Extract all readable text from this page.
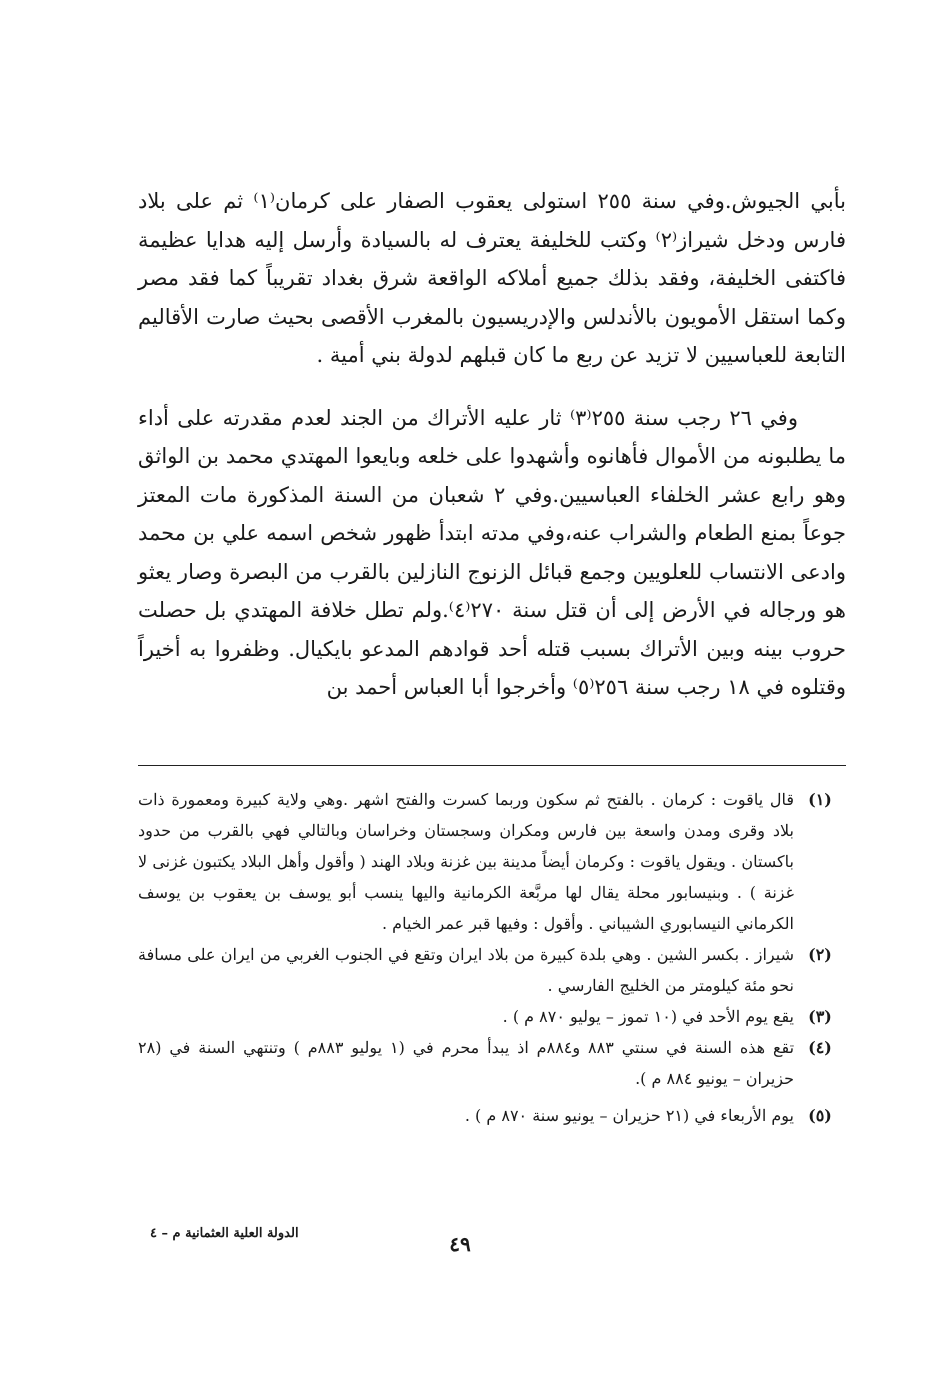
بأبي الجيوش.وفي سنة ٢٥٥ استولى يعقوب الصفار على كرمان⁽١⁾ ثم على بلاد فارس ودخل شيراز⁽٢⁾ وكتب للخليفة يعترف له بالسيادة وأرسل إليه هدايا عظيمة فاكتفى الخليفة، وفقد بذلك جميع أملاكه الواقعة شرق بغداد تقريباً كما فقد مصر وكما استقل الأمويون بالأندلس والإدريسيون بالمغرب الأقصى بحيث صارت الأقاليم التابعة للعباسيين لا تزيد عن ربع ما كان قبلهم لدولة بني أمية .

وفي ٢٦ رجب سنة ٢٥٥⁽٣⁾ ثار عليه الأتراك من الجند لعدم مقدرته على أداء ما يطلبونه من الأموال فأهانوه وأشهدوا على خلعه وبايعوا المهتدي محمد بن الواثق وهو رابع عشر الخلفاء العباسيين.وفي ٢ شعبان من السنة المذكورة مات المعتز جوعاً بمنع الطعام والشراب عنه،وفي مدته ابتدأ ظهور شخص اسمه علي بن محمد وادعى الانتساب للعلويين وجمع قبائل الزنوج النازلين بالقرب من البصرة وصار يعثو هو ورجاله في الأرض إلى أن قتل سنة ٢٧٠⁽٤⁾.ولم تطل خلافة المهتدي بل حصلت حروب بينه وبين الأتراك بسبب قتله أحد قوادهم المدعو بايكيال. وظفروا به أخيراً وقتلوه في ١٨ رجب سنة ٢٥٦⁽٥⁾ وأخرجوا أبا العباس أحمد بن

(١)
قال ياقوت : كرمان . بالفتح ثم سكون وربما كسرت والفتح اشهر .وهي ولاية كبيرة ومعمورة ذات بلاد وقرى ومدن واسعة بين فارس ومكران وسجستان وخراسان وبالتالي فهي بالقرب من حدود باكستان . ويقول ياقوت : وكرمان أيضاً مدينة بين غزنة وبلاد الهند ( وأقول وأهل البلاد يكتبون غزنى لا غزنة ) . وبنيسابور محلة يقال لها مربَّعة الكرمانية واليها ينسب أبو يوسف بن يعقوب بن يوسف الكرماني النيسابوري الشيباني . وأقول : وفيها قبر عمر الخيام .
(٢)
شيراز . بكسر الشين . وهي بلدة كبيرة من بلاد ايران وتقع في الجنوب الغربي من ايران على مسافة نحو مئة كيلومتر من الخليج الفارسي .
(٣)
يقع يوم الأحد في (١٠ تموز – يوليو ٨٧٠ م ) .
(٤)
تقع هذه السنة في سنتي ٨٨٣ و٨٨٤م اذ يبدأ محرم في (١ يوليو ٨٨٣م ) وتنتهي السنة في (٢٨ حزيران – يونيو ٨٨٤ م ).
(٥)
يوم الأربعاء في (٢١ حزيران – يونيو سنة ٨٧٠ م ) .
الدولة العلية العثمانية م – ٤	٤٩
